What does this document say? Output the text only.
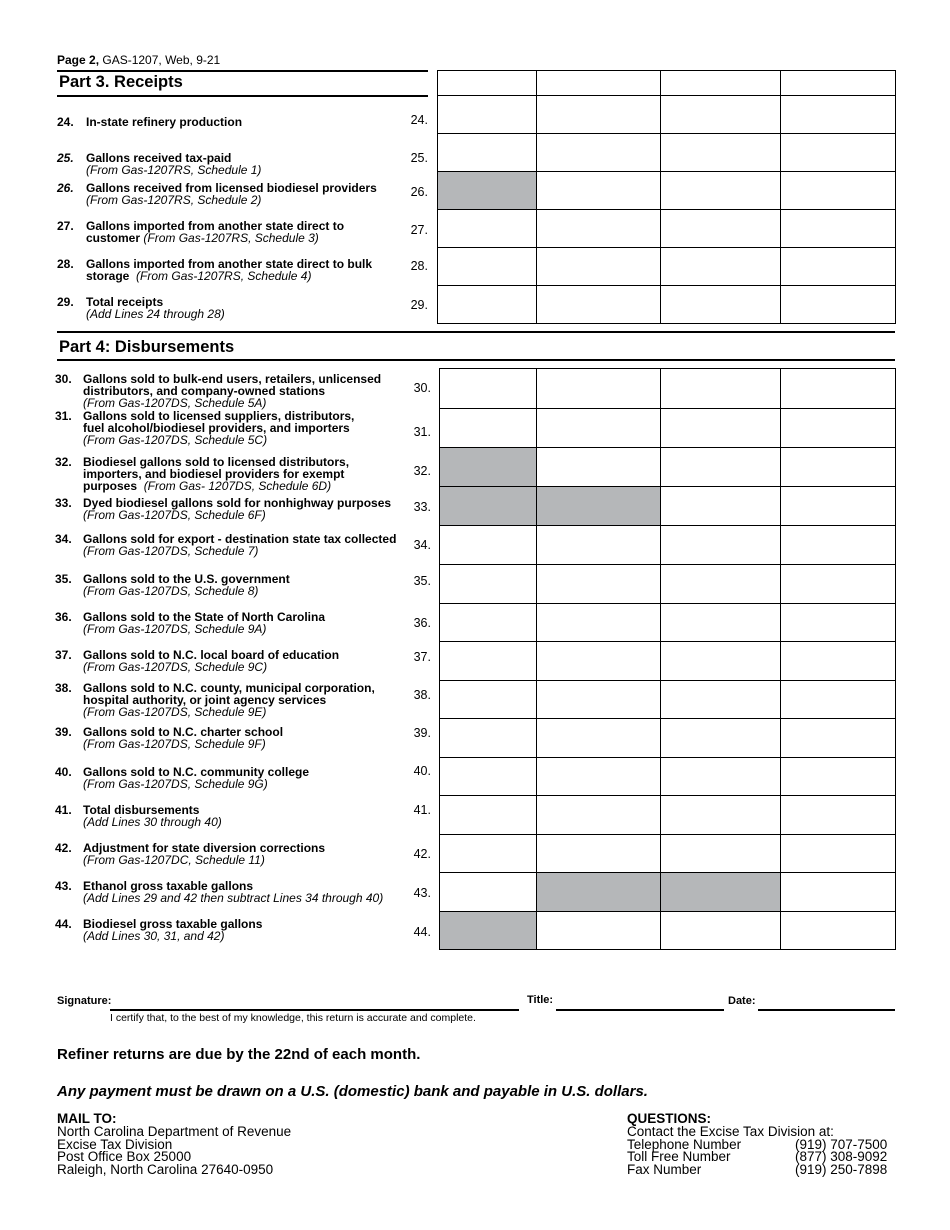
Page 2, GAS-1207, Web, 9-21
Part 3. Receipts

24. In-state refinery production	24.
25. Gallons received tax-paid
(From Gas-1207RS, Schedule 1)
25.
26. Gallons received from licensed biodiesel providers
(From Gas-1207RS, Schedule 2)
26.
27. Gallons imported from another state direct to
customer (From Gas-1207RS, Schedule 3)
27.
28. Gallons imported from another state direct to bulk
storage (From Gas-1207RS, Schedule 4)
28.
29. Total receipts
(Add Lines 24 through 28)
29.
Part 4: Disbursements

30. Gallons sold to bulk-end users, retailers, unlicensed
distributors, and company-owned stations
(From Gas-1207DS, Schedule 5A)
30.
31. Gallons sold to licensed suppliers, distributors,
fuel alcohol/biodiesel providers, and importers
(From Gas-1207DS, Schedule 5C)
31.
32. Biodiesel gallons sold to licensed distributors,
importers, and biodiesel providers for exempt
purposes (From Gas- 1207DS, Schedule 6D)
32.
33. Dyed biodiesel gallons sold for nonhighway purposes
(From Gas-1207DS, Schedule 6F)
33.
34. Gallons sold for export - destination state tax collected
(From Gas-1207DS, Schedule 7)	34.
35. Gallons sold to the U.S. government
(From Gas-1207DS, Schedule 8)
35.
36. Gallons sold to the State of North Carolina
(From Gas-1207DS, Schedule 9A)	36.
37. Gallons sold to N.C. local board of education
(From Gas-1207DS, Schedule 9C)
37.
38. Gallons sold to N.C. county, municipal corporation,
hospital authority, or joint agency services
(From Gas-1207DS, Schedule 9E)
38.
39. Gallons sold to N.C. charter school
(From Gas-1207DS, Schedule 9F)
39.
40. Gallons sold to N.C. community college
(From Gas-1207DS, Schedule 9G)
40.
41. Total disbursements
(Add Lines 30 through 40)
41.
42. Adjustment for state diversion corrections
(From Gas-1207DC, Schedule 11)	42.
43. Ethanol gross taxable gallons
(Add Lines 29 and 42 then subtract Lines 34 through 40)	43.
44. Biodiesel gross taxable gallons
(Add Lines 30, 31, and 42)	44.
Signature:	Title:	Date:
I certify that, to the best of my knowledge, this return is accurate and complete.
Refiner returns are due by the 22nd of each month.
Any payment must be drawn on a U.S. (domestic) bank and payable in U.S. dollars.
MAIL TO:
North Carolina Department of Revenue
Excise Tax Division
Post Office Box 25000
Raleigh, North Carolina 27640-0950
QUESTIONS:
Contact the Excise Tax Division at:
Telephone Number	(919) 707-7500
Toll Free Number	(877) 308-9092
Fax Number	(919) 250-7898
